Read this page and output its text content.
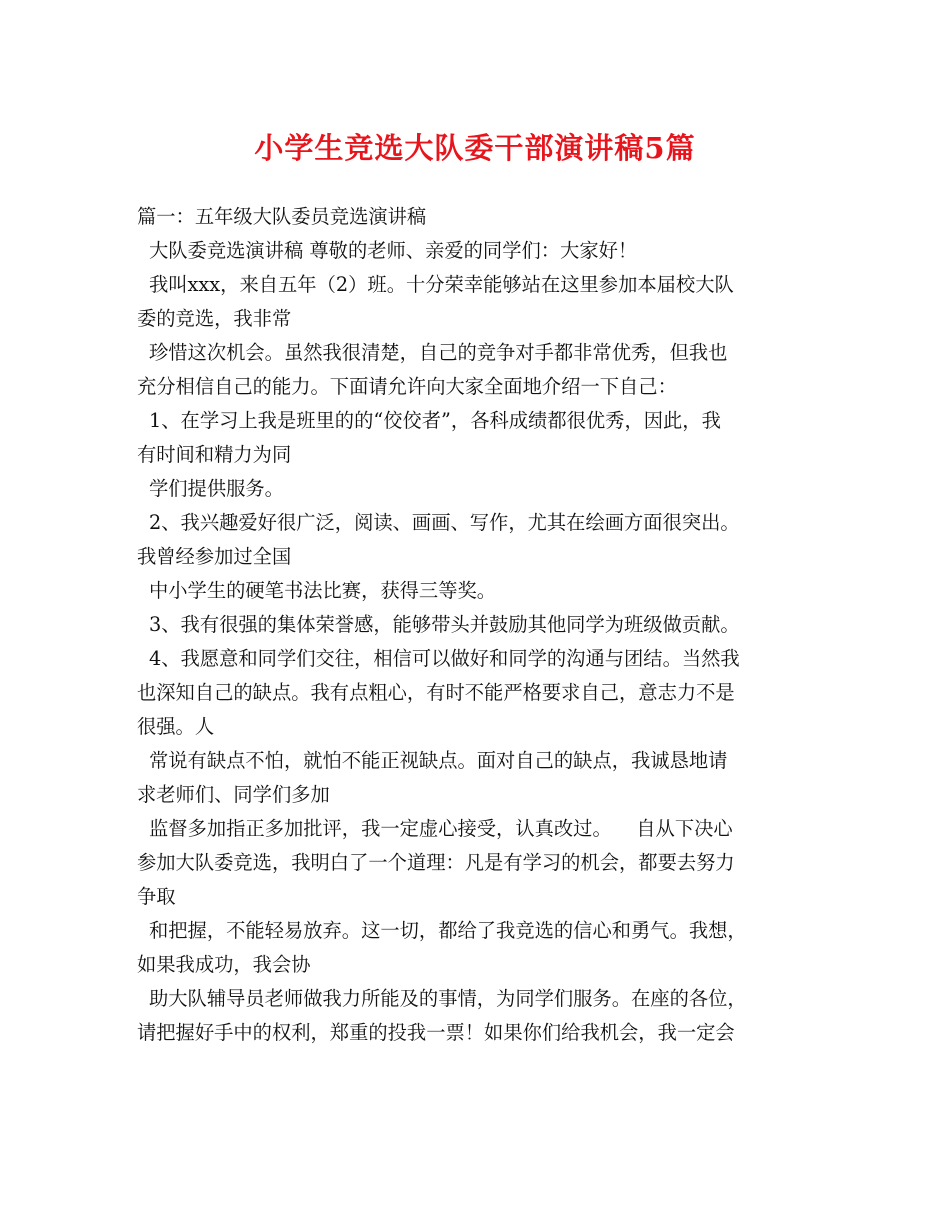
小学生竞选大队委干部演讲稿5篇
篇一：五年级大队委员竞选演讲稿
大队委竞选演讲稿 尊敬的老师、亲爱的同学们：大家好！
我叫xxx，来自五年（2）班。十分荣幸能够站在这里参加本届校大队
委的竞选，我非常
珍惜这次机会。虽然我很清楚，自己的竞争对手都非常优秀，但我也
充分相信自己的能力。下面请允许向大家全面地介绍一下自己：
1、在学习上我是班里的的“佼佼者”，各科成绩都很优秀，因此，我
有时间和精力为同
学们提供服务。
2、我兴趣爱好很广泛，阅读、画画、写作，尤其在绘画方面很突出。
我曾经参加过全国
中小学生的硬笔书法比赛，获得三等奖。
3、我有很强的集体荣誉感，能够带头并鼓励其他同学为班级做贡献。
4、我愿意和同学们交往，相信可以做好和同学的沟通与团结。当然我
也深知自己的缺点。我有点粗心，有时不能严格要求自己，意志力不是
很强。人
常说有缺点不怕，就怕不能正视缺点。面对自己的缺点，我诚恳地请
求老师们、同学们多加
监督多加指正多加批评，我一定虚心接受，认真改过。    自从下决心
参加大队委竞选，我明白了一个道理：凡是有学习的机会，都要去努力
争取
和把握，不能轻易放弃。这一切，都给了我竞选的信心和勇气。我想，
如果我成功，我会协
助大队辅导员老师做我力所能及的事情，为同学们服务。在座的各位，
请把握好手中的权利，郑重的投我一票！如果你们给我机会，我一定会
